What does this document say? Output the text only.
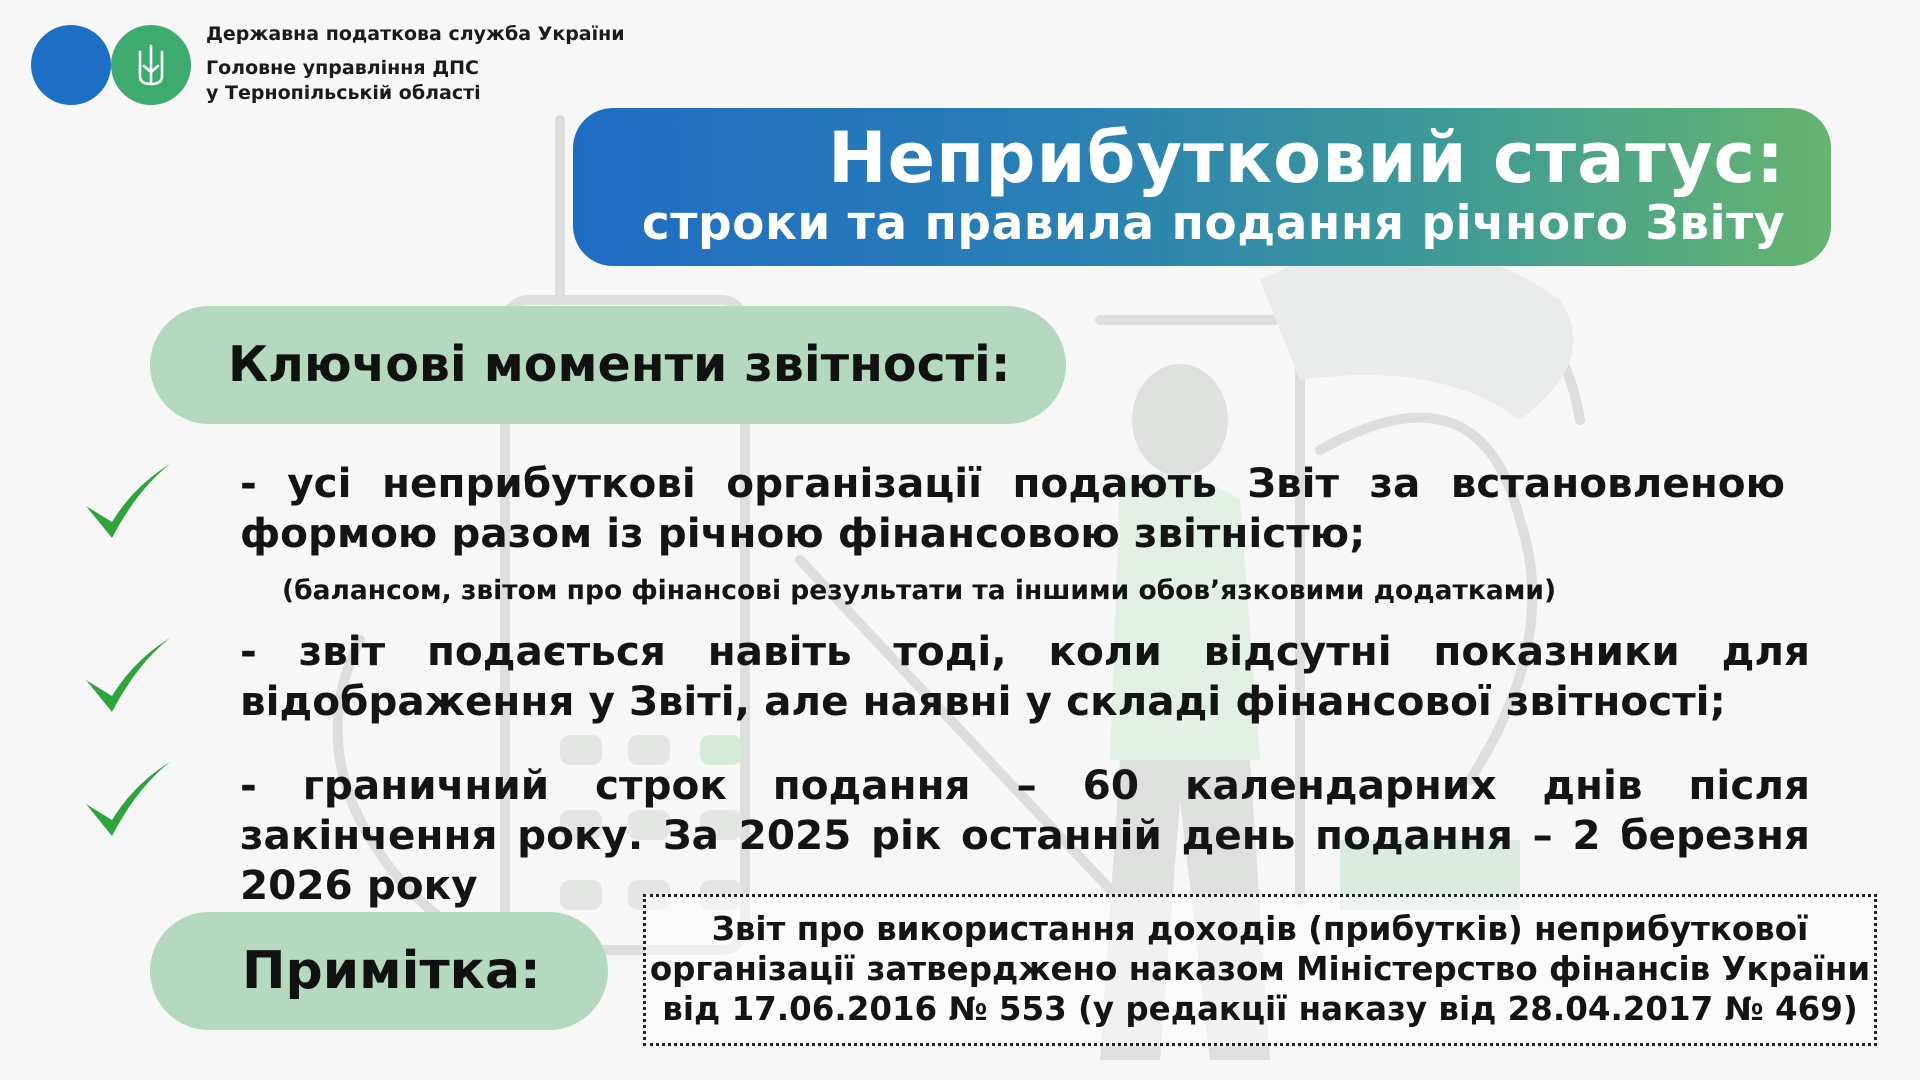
Державна податкова служба України
Головне управління ДПС
у Тернопільській області
Неприбутковий статус:
строки та правила подання річного Звіту
Ключові моменти звітності:
- усі неприбуткові організації подають Звіт за встановленою формою разом із річною фінансовою звітністю;
(балансом, звітом про фінансові результати та іншими обов’язковими додатками)
- звіт подається навіть тоді, коли відсутні показники для відображення у Звіті, але наявні у складі фінансової звітності;
- граничний строк подання – 60 календарних днів після закінчення року. За 2025 рік останній день подання – 2 березня 2026 року
Примітка:
Звіт про використання доходів (прибутків) неприбуткової організації затверджено наказом Міністерство фінансів України від 17.06.2016 № 553 (у редакції наказу від 28.04.2017 № 469)
